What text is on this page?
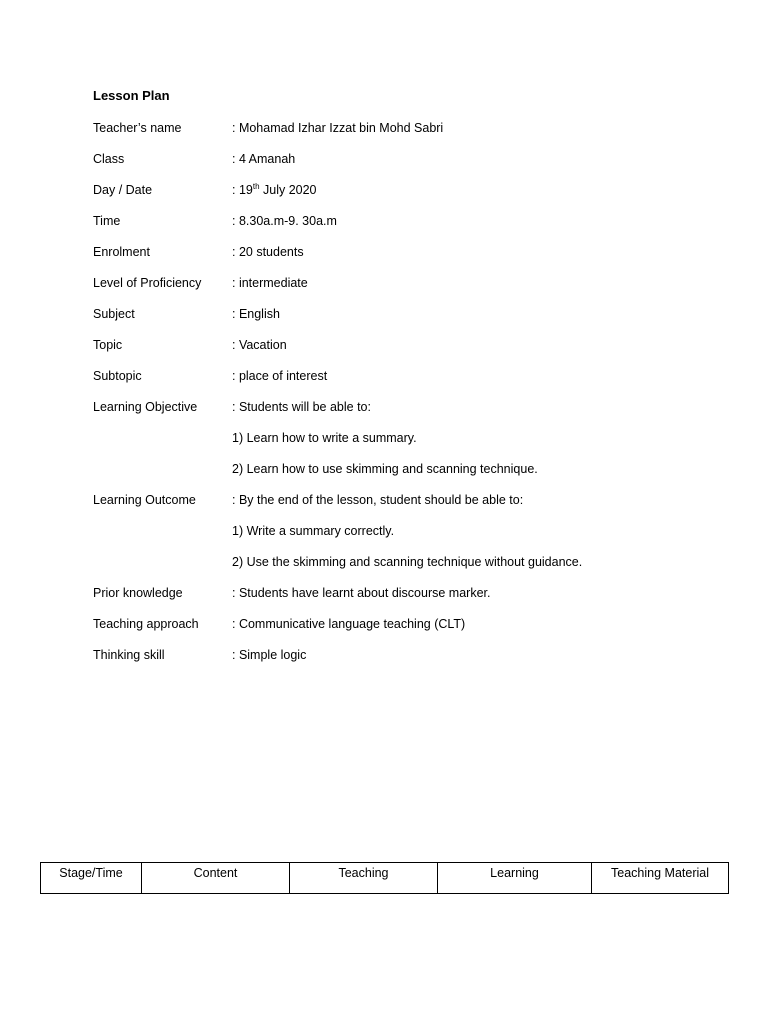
Lesson Plan
Teacher’s name	: Mohamad Izhar Izzat bin Mohd Sabri
Class	: 4 Amanah
Day / Date	: 19th July 2020
Time	: 8.30a.m-9. 30a.m
Enrolment	: 20 students
Level of Proficiency : intermediate
Subject	: English
Topic	: Vacation
Subtopic	: place of interest
Learning Objective	: Students will be able to:
1) Learn how to write a summary.
2) Learn how to use skimming and scanning technique.
Learning Outcome	: By the end of the lesson, student should be able to:
1) Write a summary correctly.
2) Use the skimming and scanning technique without guidance.
Prior knowledge	: Students have learnt about discourse marker.
Teaching approach	: Communicative language teaching (CLT)
Thinking skill	: Simple logic
Stage/Time	Content	Teaching	Learning	Teaching Material
